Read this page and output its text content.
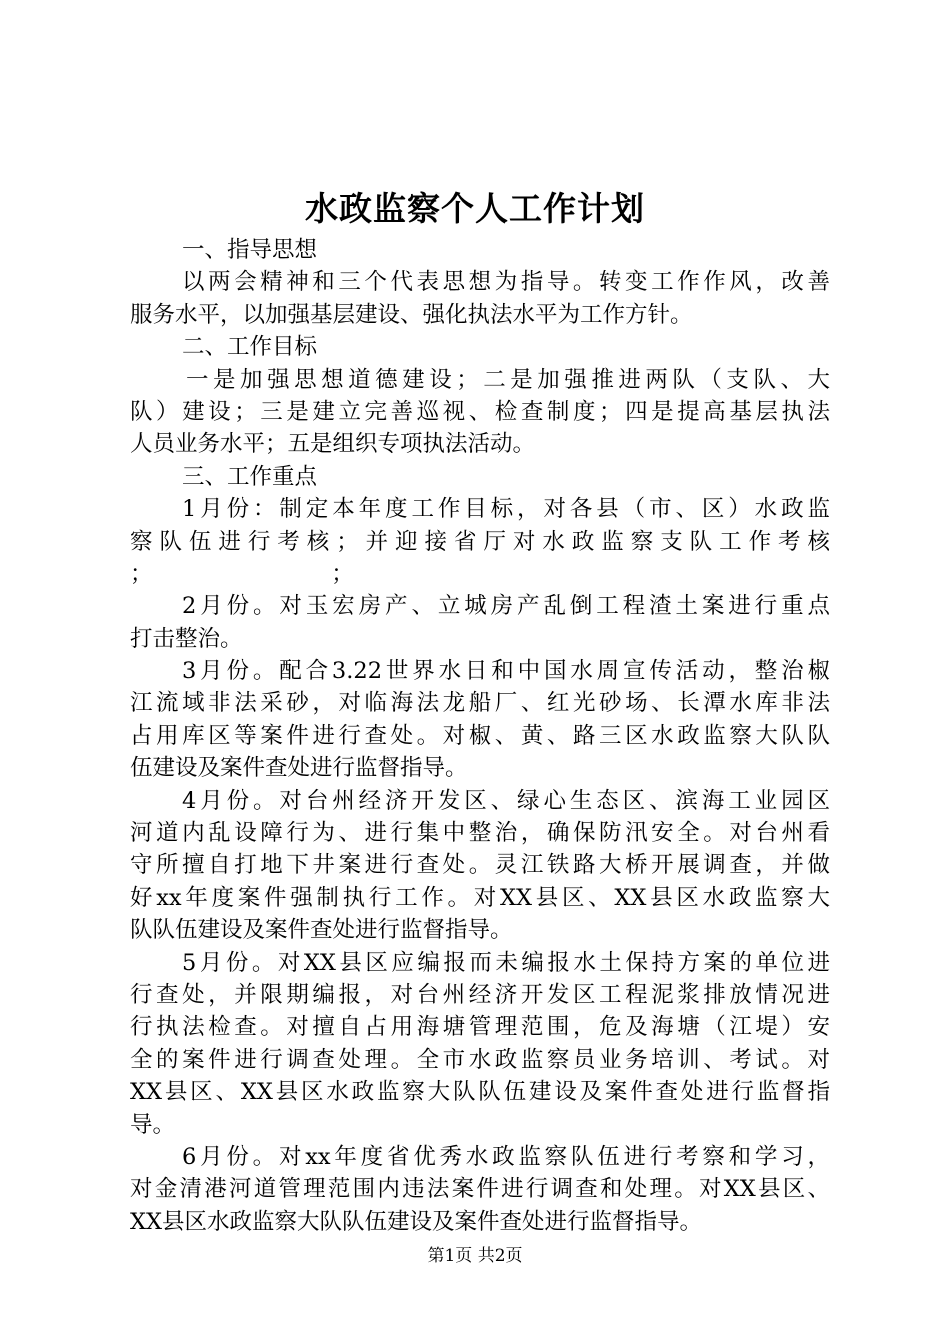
水政监察个人工作计划
一、指导思想
以两会精神和三个代表思想为指导。转变工作作风，改善
服务水平，以加强基层建设、强化执法水平为工作方针。
二、工作目标
一是加强思想道德建设；二是加强推进两队（支队、大
队）建设；三是建立完善巡视、检查制度；四是提高基层执法
人员业务水平；五是组织专项执法活动。
三、工作重点
1月份：制定本年度工作目标，对各县（市、区）水政监
察队伍进行考核；并迎接省厅对水政监察支队工作考核
；                         ；
2月份。对玉宏房产、立城房产乱倒工程渣土案进行重点
打击整治。
3月份。配合3.22世界水日和中国水周宣传活动，整治椒
江流域非法采砂，对临海法龙船厂、红光砂场、长潭水库非法
占用库区等案件进行查处。对椒、黄、路三区水政监察大队队
伍建设及案件查处进行监督指导。
4月份。对台州经济开发区、绿心生态区、滨海工业园区
河道内乱设障行为、进行集中整治，确保防汛安全。对台州看
守所擅自打地下井案进行查处。灵江铁路大桥开展调查，并做
好xx年度案件强制执行工作。对XX县区、XX县区水政监察大
队队伍建设及案件查处进行监督指导。
5月份。对XX县区应编报而未编报水土保持方案的单位进
行查处，并限期编报，对台州经济开发区工程泥浆排放情况进
行执法检查。对擅自占用海塘管理范围，危及海塘（江堤）安
全的案件进行调查处理。全市水政监察员业务培训、考试。对
XX县区、XX县区水政监察大队队伍建设及案件查处进行监督指
导。
6月份。对xx年度省优秀水政监察队伍进行考察和学习，
对金清港河道管理范围内违法案件进行调查和处理。对XX县区、
XX县区水政监察大队队伍建设及案件查处进行监督指导。
第1页 共2页
